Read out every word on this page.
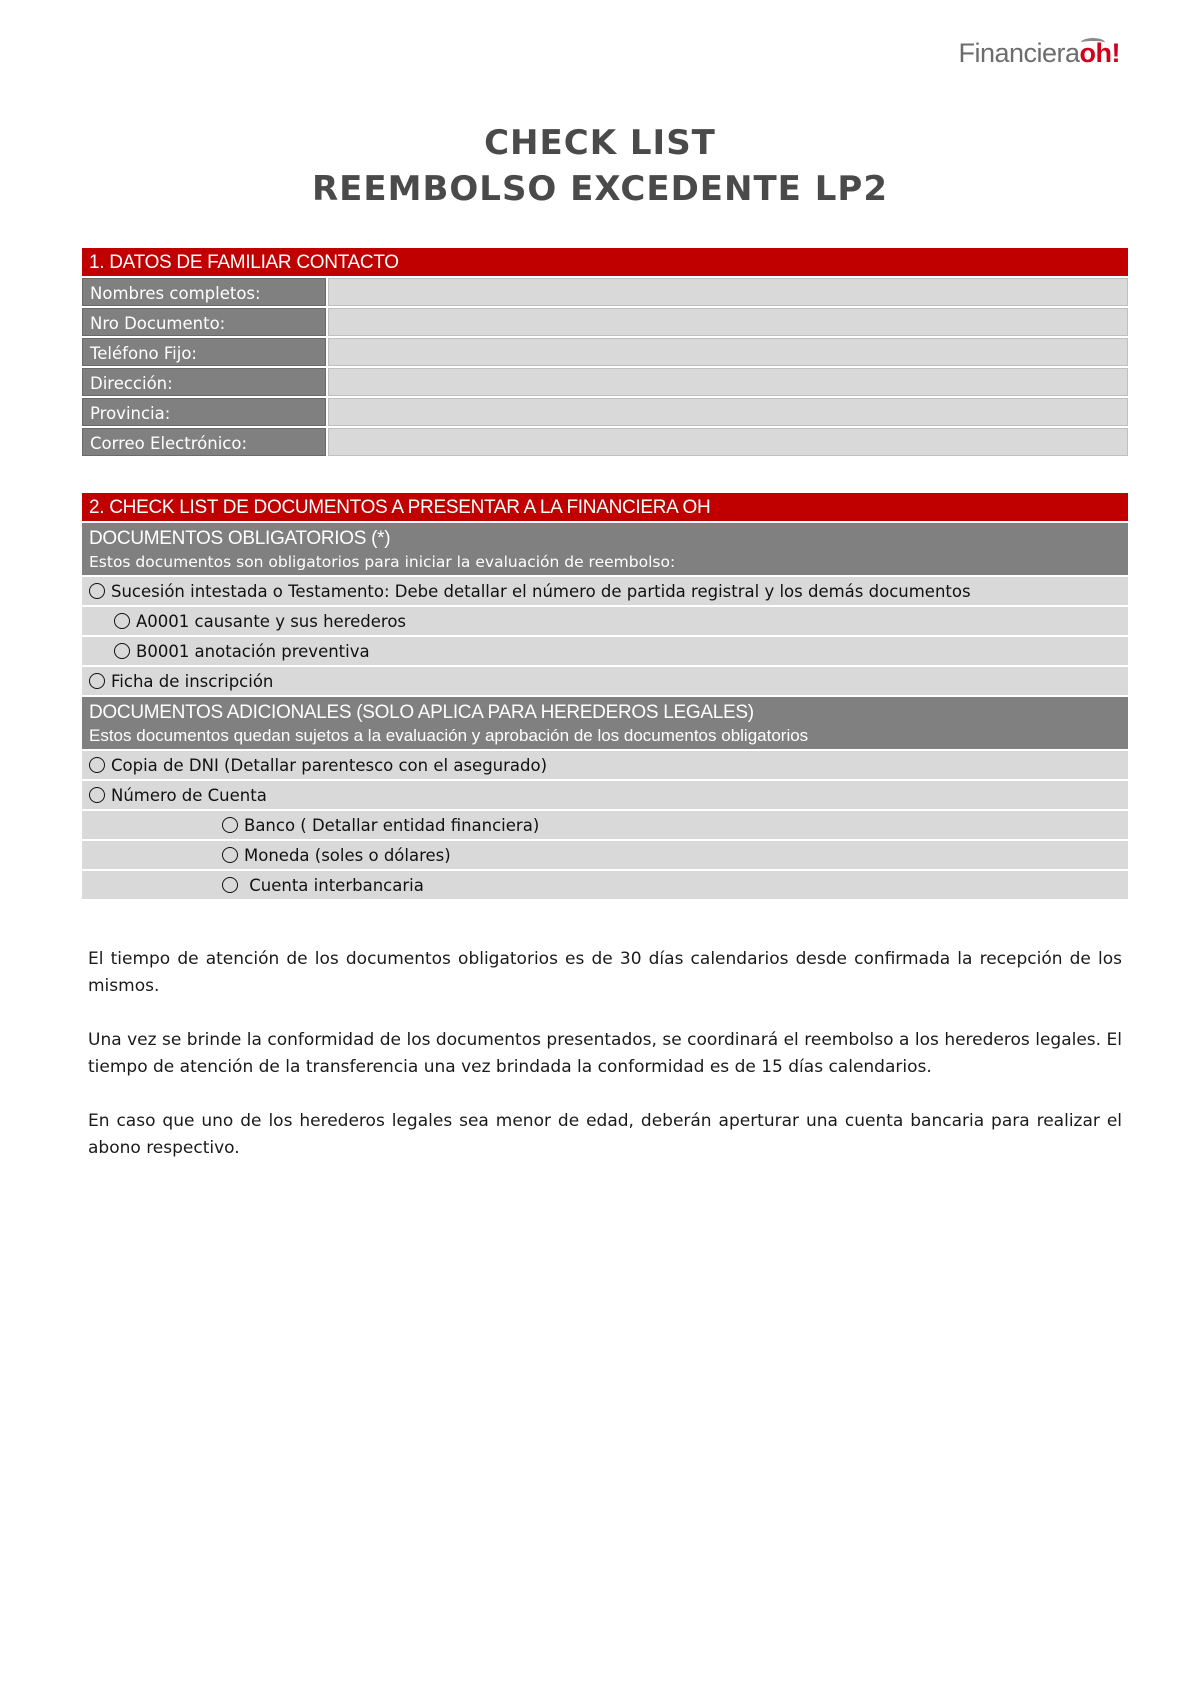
Financiera
oh!
CHECK LIST
REEMBOLSO EXCEDENTE LP2
1. DATOS DE FAMILIAR CONTACTO
Nombres completos:
Nro Documento:
Teléfono Fijo:
Dirección:
Provincia:
Correo Electrónico:
2. CHECK LIST DE DOCUMENTOS A PRESENTAR A LA FINANCIERA OH
DOCUMENTOS OBLIGATORIOS (*)
Estos documentos son obligatorios para iniciar la evaluación de reembolso:
Sucesión intestada o Testamento: Debe detallar el número de partida registral y los demás documentos
A0001 causante y sus herederos
B0001 anotación preventiva
Ficha de inscripción
DOCUMENTOS ADICIONALES (SOLO APLICA PARA HEREDEROS LEGALES)
Estos documentos quedan sujetos a la evaluación y aprobación de los documentos obligatorios
Copia de DNI (Detallar parentesco con el asegurado)
Número de Cuenta
Banco ( Detallar entidad financiera)
Moneda (soles o dólares)
Cuenta interbancaria

El tiempo de atención de los documentos obligatorios es de 30 días calendarios desde confirmada la recepción de los mismos.

Una vez se brinde la conformidad de los documentos presentados, se coordinará el reembolso a los herederos legales. El tiempo de atención de la transferencia una vez brindada la conformidad es de 15 días calendarios.

En caso que uno de los herederos legales sea menor de edad, deberán aperturar una cuenta bancaria para realizar el abono respectivo.
